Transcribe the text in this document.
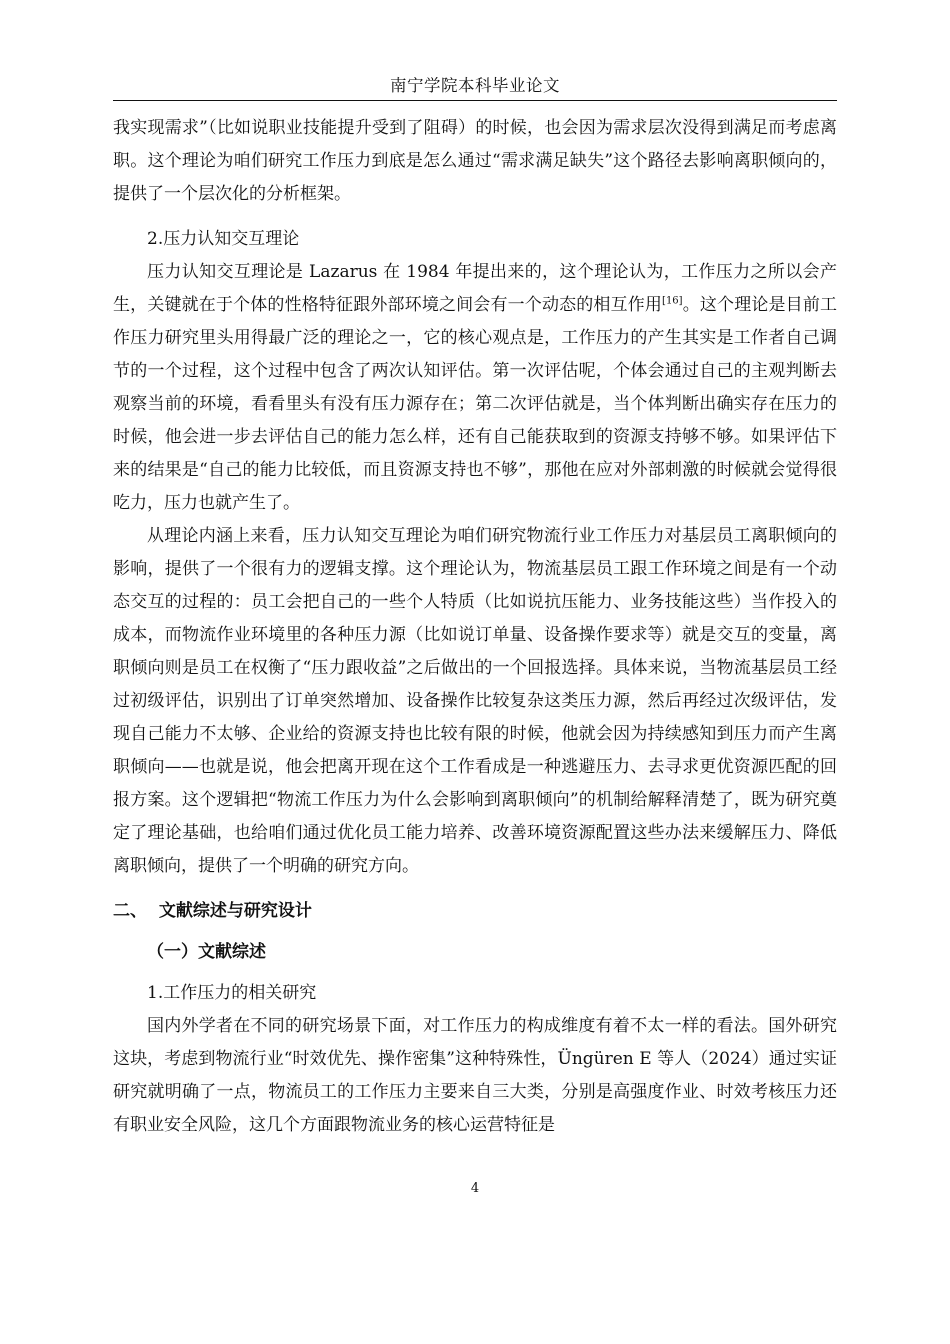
南宁学院本科毕业论文

我实现需求”（比如说职业技能提升受到了阻碍）的时候，也会因为需求层次没得到满足而考虑离职。这个理论为咱们研究工作压力到底是怎么通过“需求满足缺失”这个路径去影响离职倾向的，提供了一个层次化的分析框架。

2.压力认知交互理论

压力认知交互理论是 Lazarus 在 1984 年提出来的，这个理论认为，工作压力之所以会产生，关键就在于个体的性格特征跟外部环境之间会有一个动态的相互作用[16]。这个理论是目前工作压力研究里头用得最广泛的理论之一，它的核心观点是，工作压力的产生其实是工作者自己调节的一个过程，这个过程中包含了两次认知评估。第一次评估呢，个体会通过自己的主观判断去观察当前的环境，看看里头有没有压力源存在；第二次评估就是，当个体判断出确实存在压力的时候，他会进一步去评估自己的能力怎么样，还有自己能获取到的资源支持够不够。如果评估下来的结果是“自己的能力比较低，而且资源支持也不够”，那他在应对外部刺激的时候就会觉得很吃力，压力也就产生了。

从理论内涵上来看，压力认知交互理论为咱们研究物流行业工作压力对基层员工离职倾向的影响，提供了一个很有力的逻辑支撑。这个理论认为，物流基层员工跟工作环境之间是有一个动态交互的过程的：员工会把自己的一些个人特质（比如说抗压能力、业务技能这些）当作投入的成本，而物流作业环境里的各种压力源（比如说订单量、设备操作要求等）就是交互的变量，离职倾向则是员工在权衡了“压力跟收益”之后做出的一个回报选择。具体来说，当物流基层员工经过初级评估，识别出了订单突然增加、设备操作比较复杂这类压力源，然后再经过次级评估，发现自己能力不太够、企业给的资源支持也比较有限的时候，他就会因为持续感知到压力而产生离职倾向——也就是说，他会把离开现在这个工作看成是一种逃避压力、去寻求更优资源匹配的回报方案。这个逻辑把“物流工作压力为什么会影响到离职倾向”的机制给解释清楚了，既为研究奠定了理论基础，也给咱们通过优化员工能力培养、改善环境资源配置这些办法来缓解压力、降低离职倾向，提供了一个明确的研究方向。

二、  文献综述与研究设计

（一）文献综述

1.工作压力的相关研究

国内外学者在不同的研究场景下面，对工作压力的构成维度有着不太一样的看法。国外研究这块，考虑到物流行业“时效优先、操作密集”这种特殊性，Üngüren E 等人（2024）通过实证研究就明确了一点，物流员工的工作压力主要来自三大类，分别是高强度作业、时效考核压力还有职业安全风险，这几个方面跟物流业务的核心运营特征是

4
